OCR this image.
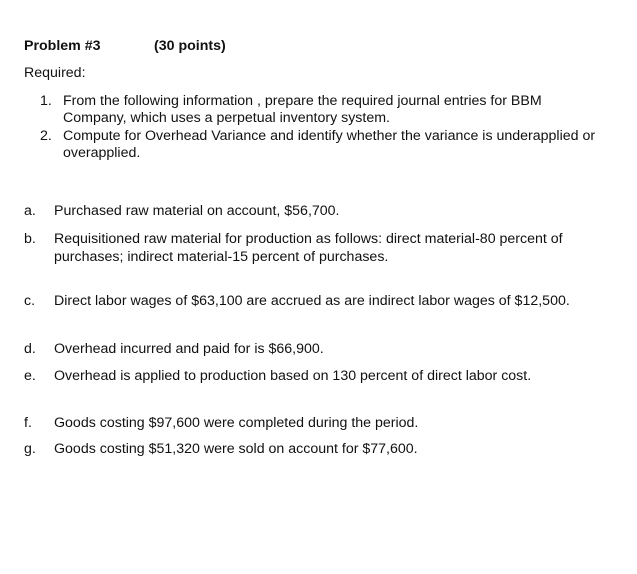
Problem #3	(30 points)
Required:
1. From the following information , prepare the required journal entries for BBM Company, which uses a perpetual inventory system.
2. Compute for Overhead Variance and identify whether the variance is underapplied or overapplied.
a.	Purchased raw material on account, $56,700.
b.	Requisitioned raw material for production as follows: direct material-80 percent of purchases; indirect material-15 percent of purchases.
c.	Direct labor wages of $63,100 are accrued as are indirect labor wages of $12,500.
d.	Overhead incurred and paid for is $66,900.
e.	Overhead is applied to production based on 130 percent of direct labor cost.
f.	Goods costing $97,600 were completed during the period.
g.	Goods costing $51,320 were sold on account for $77,600.
